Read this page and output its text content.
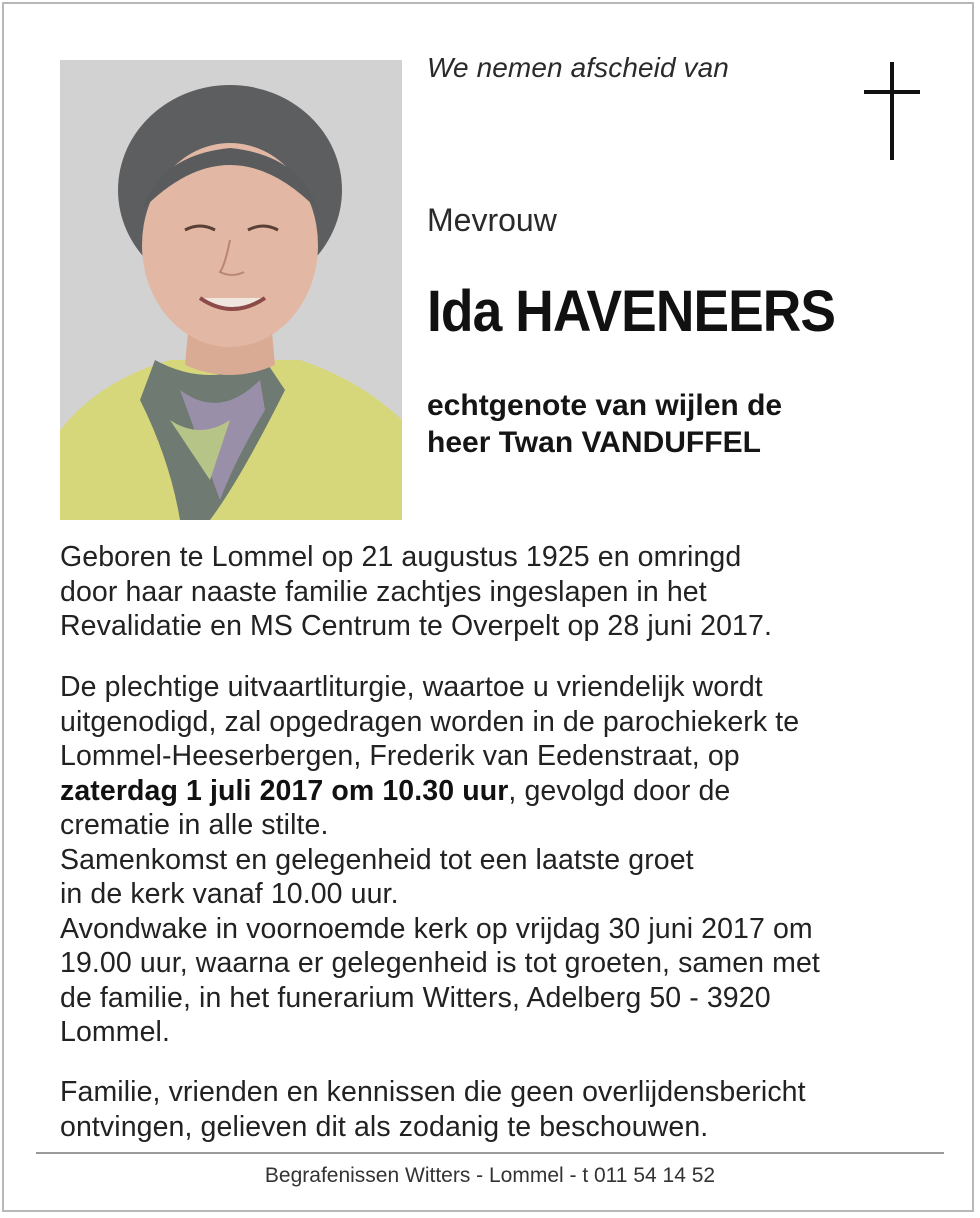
We nemen afscheid van
Mevrouw
Ida HAVENEERS
echtgenote van wijlen de
heer Twan VANDUFFEL
Geboren te Lommel op 21 augustus 1925 en omringd
door haar naaste familie zachtjes ingeslapen in het
Revalidatie en MS Centrum te Overpelt op 28 juni 2017.
De plechtige uitvaartliturgie, waartoe u vriendelijk wordt
uitgenodigd, zal opgedragen worden in de parochiekerk te
Lommel-Heeserbergen, Frederik van Eedenstraat, op
zaterdag 1 juli 2017 om 10.30 uur, gevolgd door de
crematie in alle stilte.
Samenkomst en gelegenheid tot een laatste groet
in de kerk vanaf 10.00 uur.
Avondwake in voornoemde kerk op vrijdag 30 juni 2017 om
19.00 uur, waarna er gelegenheid is tot groeten, samen met
de familie, in het funerarium Witters, Adelberg 50 - 3920
Lommel.
Familie, vrienden en kennissen die geen overlijdensbericht
ontvingen, gelieven dit als zodanig te beschouwen.
Begrafenissen Witters - Lommel - t 011 54 14 52
